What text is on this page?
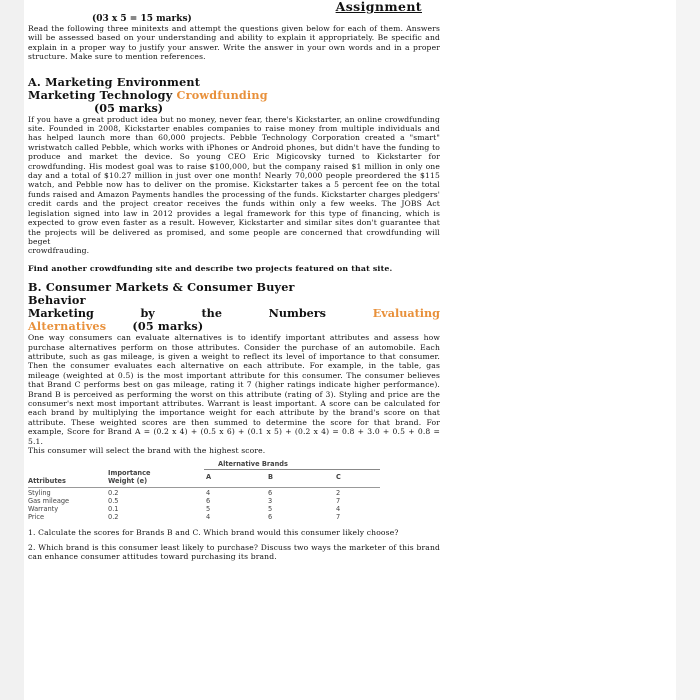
Assignment
(03 x 5 = 15 marks)

Read the following three minitexts and attempt the questions given below for each of them. Answers will be assessed based on your understanding and ability to explain it appropriately. Be specific and explain in a proper way to justify your answer. Write the answer in your own words and in a proper structure. Make sure to mention references.

A. Marketing Environment
Marketing Technology Crowdfunding
(05 marks)

If you have a great product idea but no money, never fear, there's Kickstarter, an online crowdfunding site. Founded in 2008, Kickstarter enables companies to raise money from multiple individuals and has helped launch more than 60,000 projects. Pebble Technology Corporation created a "smart" wristwatch called Pebble, which works with iPhones or Android phones, but didn't have the funding to produce and market the device. So young CEO Eric Migicovsky turned to Kickstarter for crowdfunding. His modest goal was to raise $100,000, but the company raised $1 million in only one day and a total of $10.27 million in just over one month! Nearly 70,000 people preordered the $115 watch, and Pebble now has to deliver on the promise. Kickstarter takes a 5 percent fee on the total funds raised and Amazon Payments handles the processing of the funds. Kickstarter charges pledgers' credit cards and the project creator receives the funds within only a few weeks. The JOBS Act legislation signed into law in 2012 provides a legal framework for this type of financing, which is expected to grow even faster as a result. However, Kickstarter and similar sites don't guarantee that the projects will be delivered as promised, and some people are concerned that crowdfunding will beget

crowdfrauding.

Find another crowdfunding site and describe two projects featured on that site.

B. Consumer Markets & Consumer Buyer
Behavior
Marketing	by	the	Numbers	Evaluating
Alternatives (05 marks)

One way consumers can evaluate alternatives is to identify important attributes and assess how purchase alternatives perform on those attributes. Consider the purchase of an automobile. Each attribute, such as gas mileage, is given a weight to reflect its level of importance to that consumer. Then the consumer evaluates each alternative on each attribute. For example, in the table, gas mileage (weighted at 0.5) is the most important attribute for this consumer. The consumer believes that Brand C performs best on gas mileage, rating it 7 (higher ratings indicate higher performance). Brand B is perceived as performing the worst on this attribute (rating of 3). Styling and price are the consumer's next most important attributes. Warrant is least important. A score can be calculated for each brand by multiplying the importance weight for each attribute by the brand's score on that attribute. These weighted scores are then summed to determine the score for that brand. For example, Score for Brand A = (0.2 x 4) + (0.5 x 6) + (0.1 x 5) + (0.2 x 4) = 0.8 + 3.0 + 0.5 + 0.8 = 5.1.

This consumer will select the brand with the highest score.

Alternative Brands
Attributes
Importance
Weight (e)	A	B	C
Styling	0.2	4	6	2
Gas mileage	0.5	6	3	7
Warranty	0.1	5	5	4
Price	0.2	4	6	7

1. Calculate the scores for Brands B and C. Which brand would this consumer likely choose?

2. Which brand is this consumer least likely to purchase? Discuss two ways the marketer of this brand can enhance consumer attitudes toward purchasing its brand.
